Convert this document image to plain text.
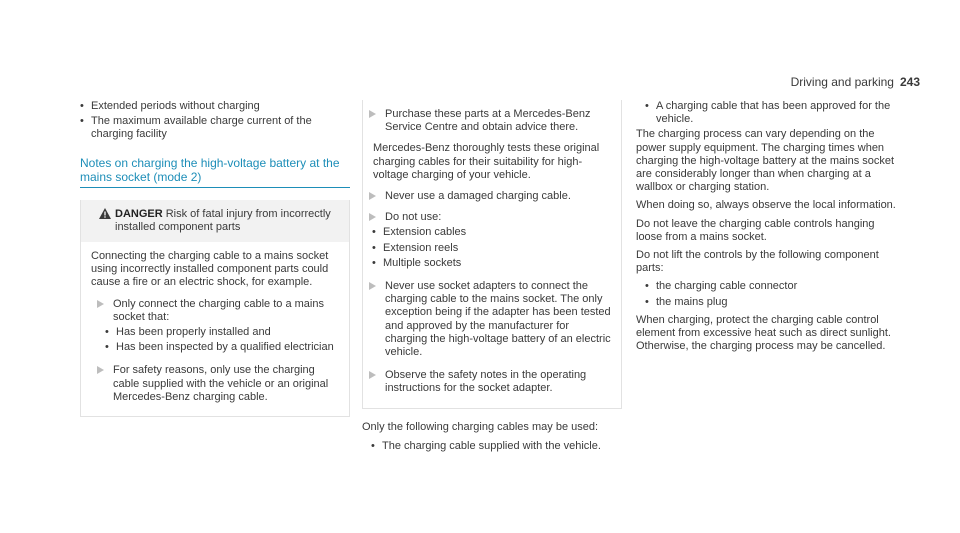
Driving and parking 243
• Extended periods without charging
• The maximum available charge current of the charging facility
Notes on charging the high-voltage battery at the mains socket (mode 2)
DANGER Risk of fatal injury from incorrectly installed component parts

Connecting the charging cable to a mains socket using incorrectly installed component parts could cause a fire or an electric shock, for example.

Only connect the charging cable to a mains socket that:
• Has been properly installed and
• Has been inspected by a qualified electrician
For safety reasons, only use the charging cable supplied with the vehicle or an original Mercedes-Benz charging cable.
Purchase these parts at a Mercedes-Benz Service Centre and obtain advice there.

Mercedes-Benz thoroughly tests these original charging cables for their suitability for high-voltage charging of your vehicle.

Never use a damaged charging cable.
Do not use:
• Extension cables
• Extension reels
• Multiple sockets
Never use socket adapters to connect the charging cable to the mains socket. The only exception being if the adapter has been tested and approved by the manufacturer for charging the high-voltage battery of an electric vehicle.
Observe the safety notes in the operating instructions for the socket adapter.

Only the following charging cables may be used:

• The charging cable supplied with the vehicle.
• A charging cable that has been approved for the vehicle.

The charging process can vary depending on the power supply equipment. The charging times when charging the high-voltage battery at the mains socket are considerably longer than when charging at a wallbox or charging station.

When doing so, always observe the local information.

Do not leave the charging cable controls hanging loose from a mains socket.

Do not lift the controls by the following component parts:

• the charging cable connector
• the mains plug

When charging, protect the charging cable control element from excessive heat such as direct sunlight. Otherwise, the charging process may be cancelled.
